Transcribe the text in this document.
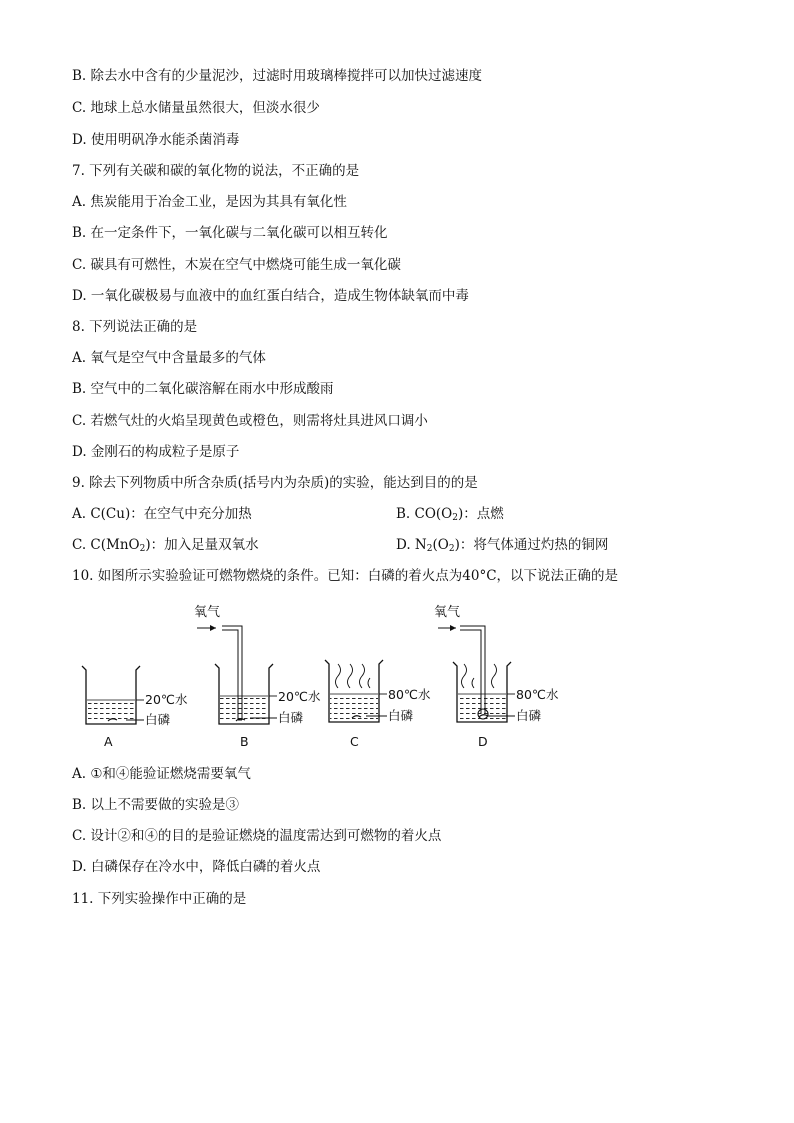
B. 除去水中含有的少量泥沙，过滤时用玻璃棒搅拌可以加快过滤速度
C. 地球上总水储量虽然很大，但淡水很少
D. 使用明矾净水能杀菌消毒
7. 下列有关碳和碳的氧化物的说法，不正确的是
A. 焦炭能用于冶金工业，是因为其具有氧化性
B. 在一定条件下，一氧化碳与二氧化碳可以相互转化
C. 碳具有可燃性，木炭在空气中燃烧可能生成一氧化碳
D. 一氧化碳极易与血液中的血红蛋白结合，造成生物体缺氧而中毒
8. 下列说法正确的是
A. 氧气是空气中含量最多的气体
B. 空气中的二氧化碳溶解在雨水中形成酸雨
C. 若燃气灶的火焰呈现黄色或橙色，则需将灶具进风口调小
D. 金刚石的构成粒子是原子
9. 除去下列物质中所含杂质(括号内为杂质)的实验，能达到目的的是
A. C(Cu)：在空气中充分加热	B. $CO(O_2)$：点燃
C. C(MnO$_2$)：加入足量双氧水	D. $N_2(O_2)$：将气体通过灼热的铜网
10. 如图所示实验验证可燃物燃烧的条件。已知：白磷的着火点为40°C，以下说法正确的是
20℃水
白磷
A
氧气
20℃水
白磷
B
80℃水
白磷
C
氧气
80℃水
白磷
D
A. ①和④能验证燃烧需要氧气
B. 以上不需要做的实验是③
C. 设计②和④的目的是验证燃烧的温度需达到可燃物的着火点
D. 白磷保存在冷水中，降低白磷的着火点
11. 下列实验操作中正确的是
